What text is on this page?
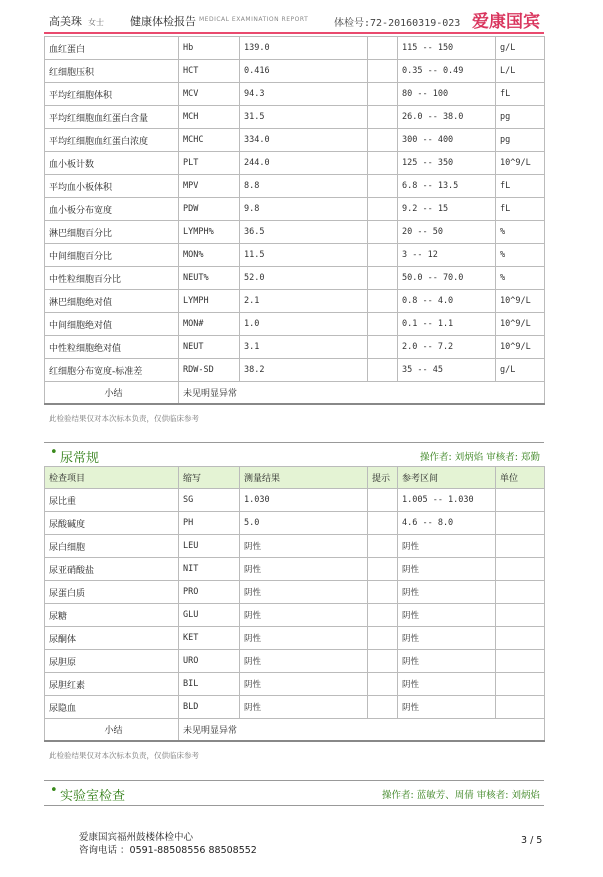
高美珠 女士 健康体检报告 MEDICAL EXAMINATION REPORT	体检号:72-20160319-023 爱康国宾
血红蛋白	Hb	139.0		115 -- 150	g/L
红细胞压积	HCT	0.416		0.35 -- 0.49	L/L
平均红细胞体积	MCV	94.3		80 -- 100	fL
平均红细胞血红蛋白含量	MCH	31.5		26.0 -- 38.0	pg
平均红细胞血红蛋白浓度	MCHC	334.0		300 -- 400	pg
血小板计数	PLT	244.0		125 -- 350	10^9/L
平均血小板体积	MPV	8.8		6.8 -- 13.5	fL
血小板分布宽度	PDW	9.8		9.2 -- 15	fL
淋巴细胞百分比	LYMPH%	36.5		20 -- 50	%
中间细胞百分比	MON%	11.5		3 -- 12	%
中性粒细胞百分比	NEUT%	52.0		50.0 -- 70.0	%
淋巴细胞绝对值	LYMPH	2.1		0.8 -- 4.0	10^9/L
中间细胞绝对值	MON#	1.0		0.1 -- 1.1	10^9/L
中性粒细胞绝对值	NEUT	3.1		2.0 -- 7.2	10^9/L
红细胞分布宽度-标准差	RDW-SD	38.2		35 -- 45	g/L
小结	未见明显异常				
此检验结果仅对本次标本负责，仅供临床参考
• 尿常规	操作者: 刘炳焰 审核者: 郑勤
检查项目	缩写	测量结果	提示	参考区间	单位
尿比重	SG	1.030		1.005 -- 1.030	
尿酸碱度	PH	5.0		4.6 -- 8.0	
尿白细胞	LEU	阴性		阴性	
尿亚硝酸盐	NIT	阴性		阴性	
尿蛋白质	PRO	阴性		阴性	
尿糖	GLU	阴性		阴性	
尿酮体	KET	阴性		阴性	
尿胆原	URO	阴性		阴性	
尿胆红素	BIL	阴性		阴性	
尿隐血	BLD	阴性		阴性	
小结	未见明显异常				
此检验结果仅对本次标本负责，仅供临床参考
• 实验室检查	操作者: 蓝敏芳、周倩 审核者: 刘炳焰
爱康国宾福州鼓楼体检中心
咨询电话 ：0591-88508556 88508552
3 / 5
